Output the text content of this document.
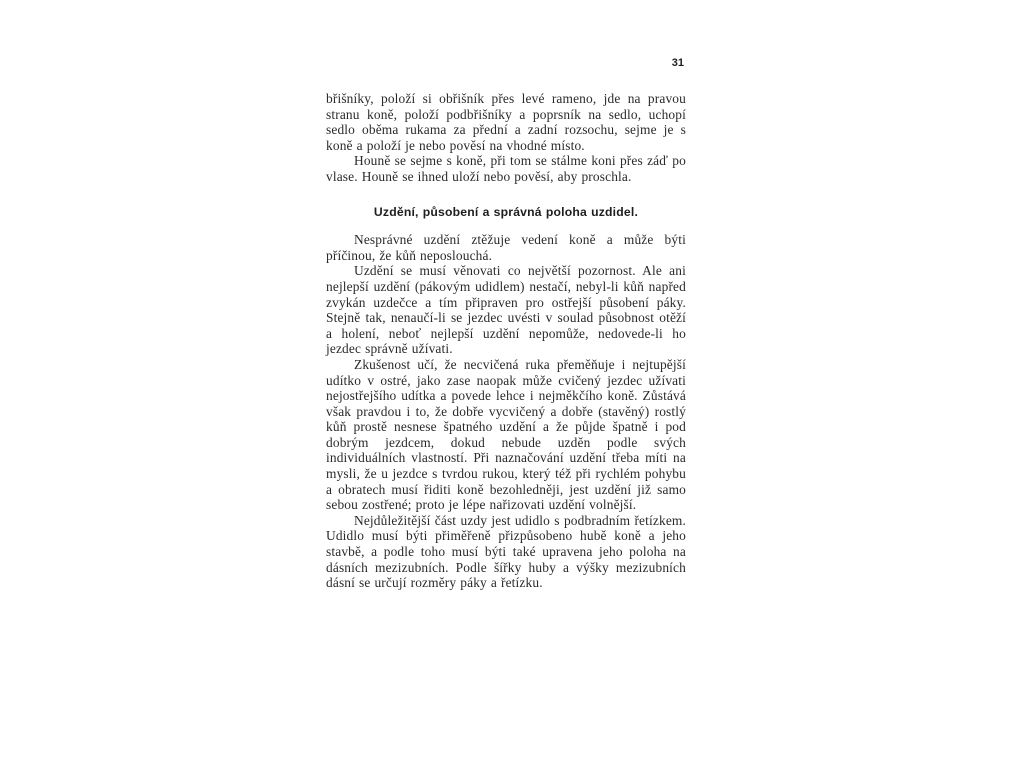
31

břišníky, položí si obřišník přes levé rameno, jde na pravou stranu koně, položí podbřišníky a poprsník na sedlo, uchopí sedlo oběma rukama za přední a zadní rozsochu, sejme je s koně a položí je nebo pověsí na vhodné místo.

Houně se sejme s koně, při tom se stálme koni přes záď po vlase. Houně se ihned uloží nebo pověsí, aby proschla.

Uzdění, působení a správná poloha uzdidel.

Nesprávné uzdění ztěžuje vedení koně a může býti příčinou, že kůň neposlouchá.

Uzdění se musí věnovati co největší pozornost. Ale ani nejlepší uzdění (pákovým udidlem) nestačí, nebyl-li kůň napřed zvykán uzdečce a tím připraven pro ostřejší působení páky. Stejně tak, nenaučí-li se jezdec uvésti v soulad působnost otěží a holení, neboť nejlepší uzdění nepomůže, nedovede-li ho jezdec správně užívati.

Zkušenost učí, že necvičená ruka přeměňuje i nejtupější udítko v ostré, jako zase naopak může cvičený jezdec užívati nejostřejšího udítka a povede lehce i nejměkčího koně. Zůstává však pravdou i to, že dobře vycvičený a dobře (stavěný) rostlý kůň prostě nesnese špatného uzdění a že půjde špatně i pod dobrým jezdcem, dokud nebude uzděn podle svých individuálních vlastností. Při naznačování uzdění třeba míti na mysli, že u jezdce s tvrdou rukou, který též při rychlém pohybu a obratech musí řiditi koně bezohledněji, jest uzdění již samo sebou zostřené; proto je lépe nařizovati uzdění volnější.

Nejdůležitější část uzdy jest udidlo s podbradním řetízkem. Udidlo musí býti přiměřeně přizpůsobeno hubě koně a jeho stavbě, a podle toho musí býti také upravena jeho poloha na dásních mezizubních. Podle šířky huby a výšky mezizubních dásní se určují rozměry páky a řetízku.
